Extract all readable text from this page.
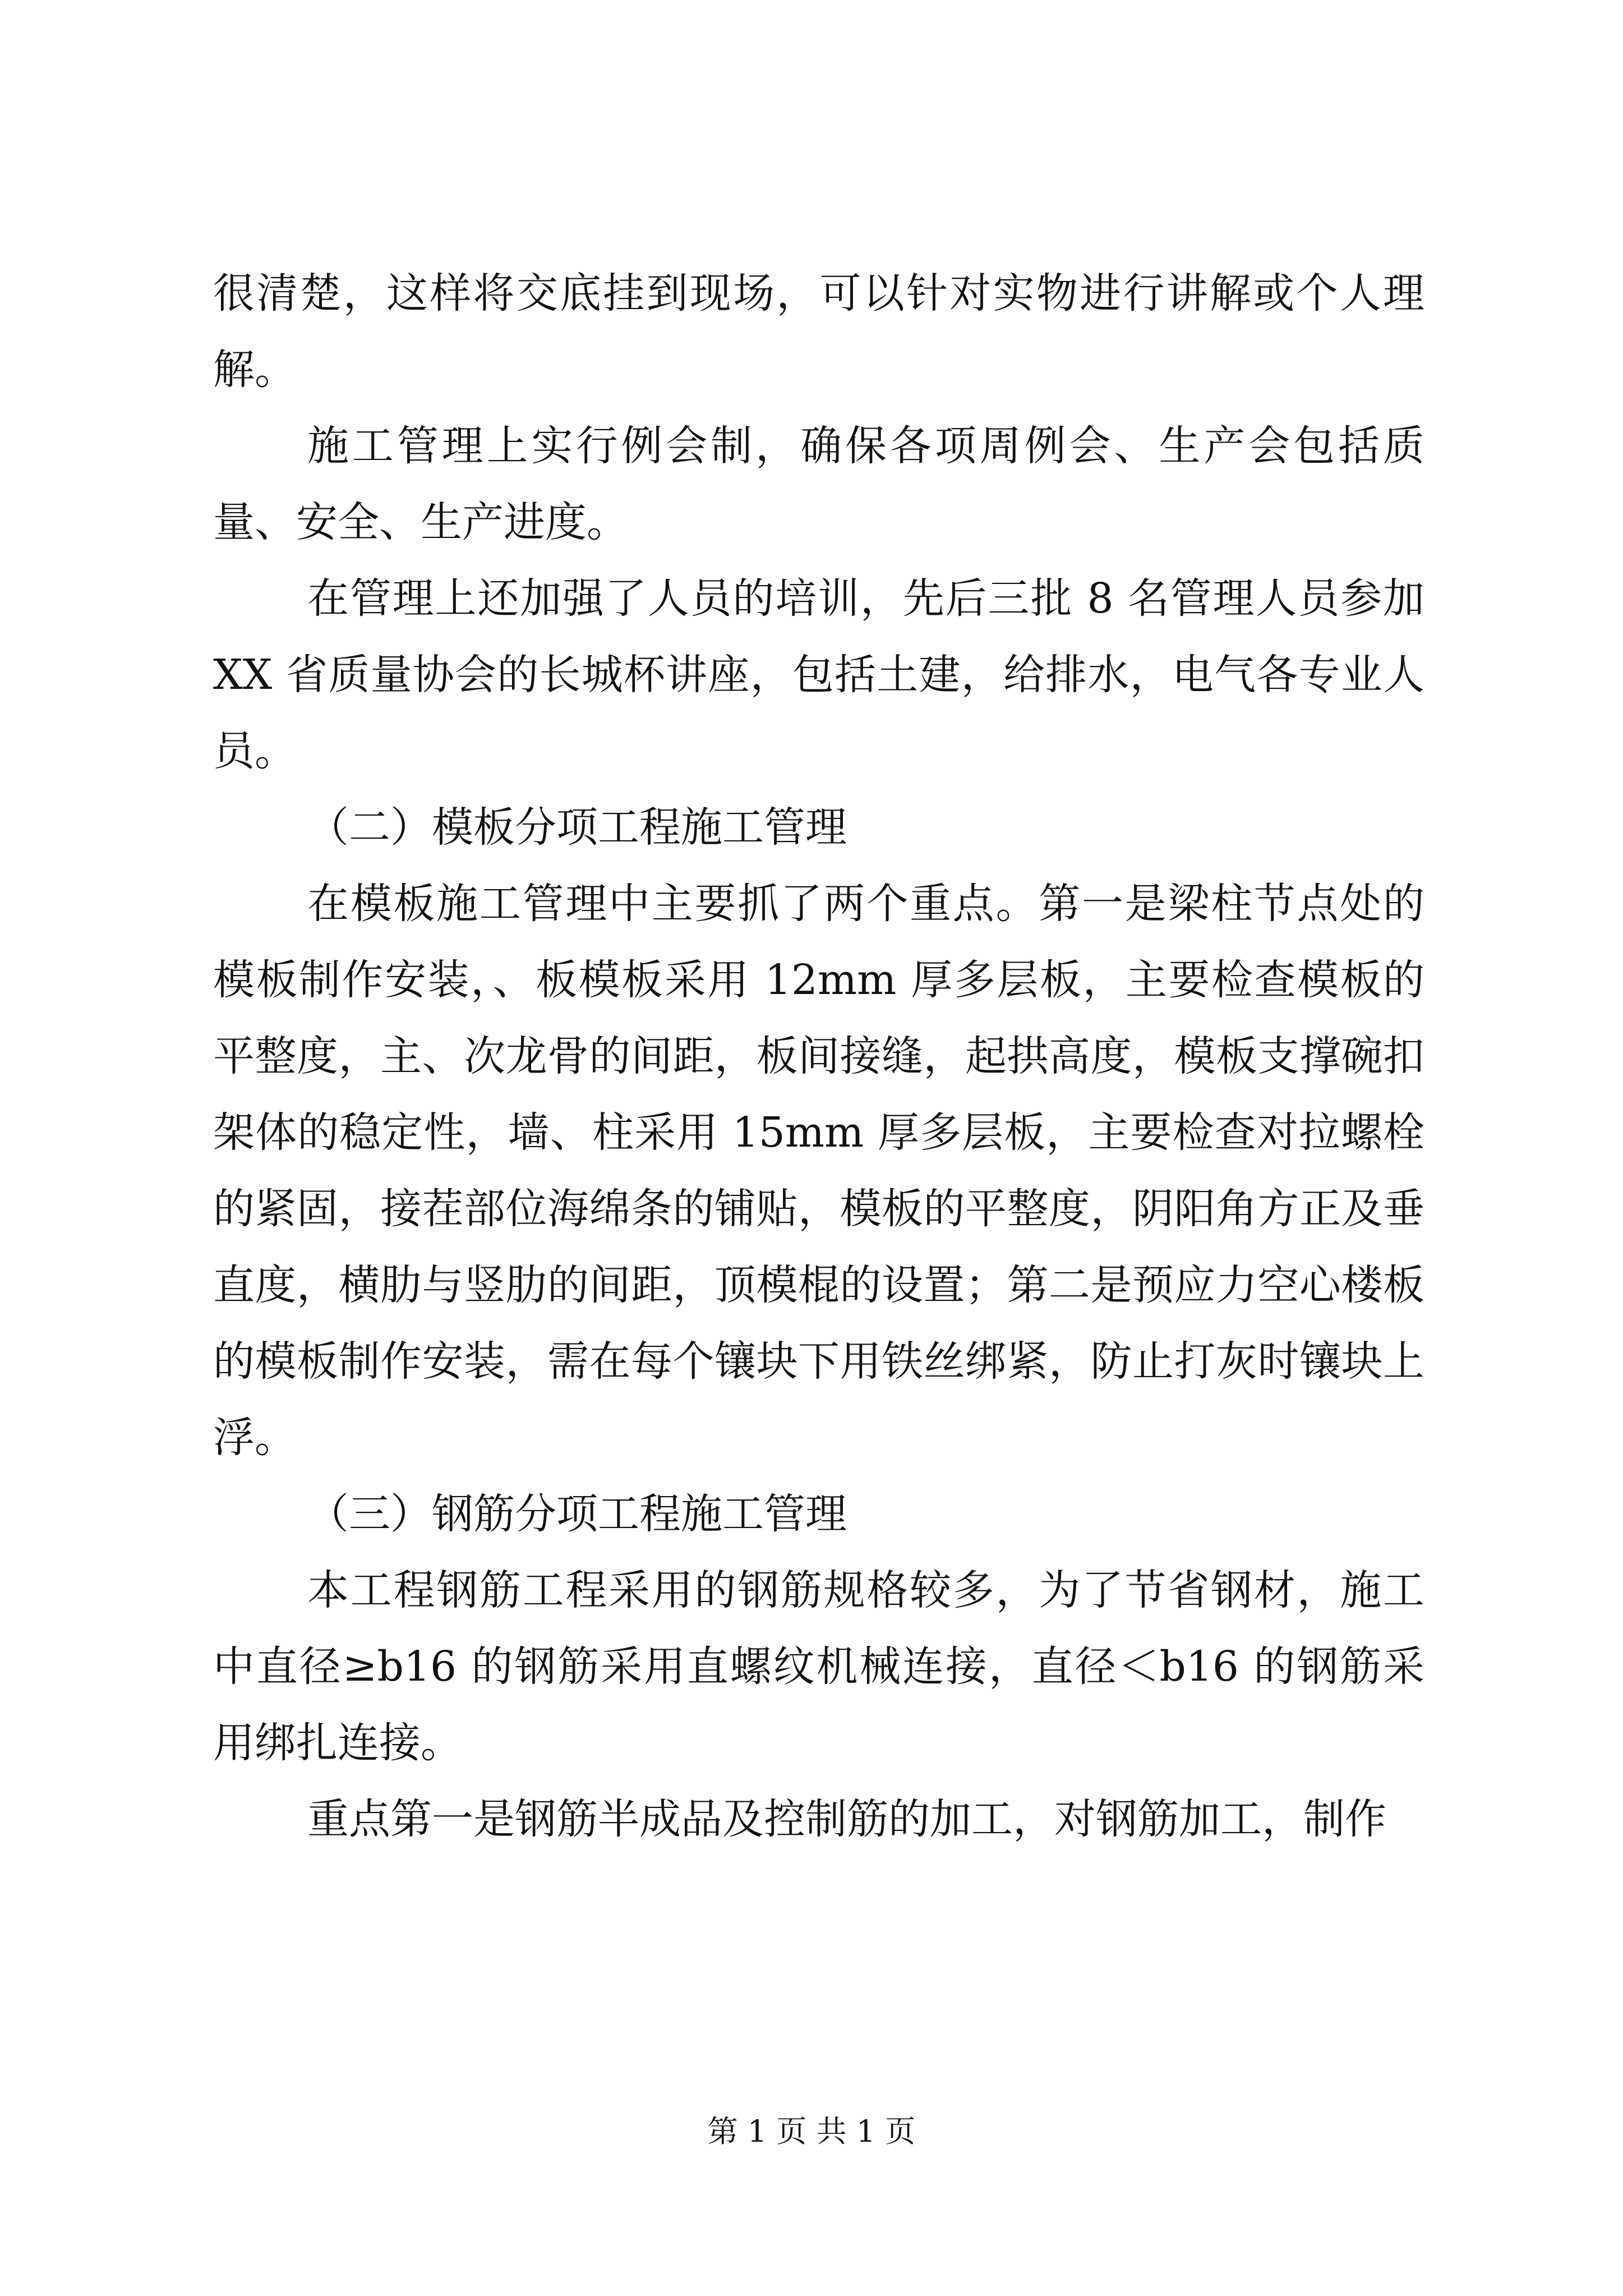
很清楚，这样将交底挂到现场，可以针对实物进行讲解或个人理解。

施工管理上实行例会制，确保各项周例会、生产会包括质量、安全、生产进度。

在管理上还加强了人员的培训，先后三批 8 名管理人员参加 XX 省质量协会的长城杯讲座，包括土建，给排水，电气各专业人员。

（二）模板分项工程施工管理

在模板施工管理中主要抓了两个重点。第一是梁柱节点处的模板制作安装，、板模板采用 12mm 厚多层板，主要检查模板的平整度，主、次龙骨的间距，板间接缝，起拱高度，模板支撑碗扣架体的稳定性，墙、柱采用 15mm 厚多层板，主要检查对拉螺栓的紧固，接茬部位海绵条的铺贴，模板的平整度，阴阳角方正及垂直度，横肋与竖肋的间距，顶模棍的设置；第二是预应力空心楼板的模板制作安装，需在每个镶块下用铁丝绑紧，防止打灰时镶块上浮。

（三）钢筋分项工程施工管理

本工程钢筋工程采用的钢筋规格较多，为了节省钢材，施工中直径≥b16 的钢筋采用直螺纹机械连接，直径＜b16 的钢筋采用绑扎连接。

重点第一是钢筋半成品及控制筋的加工，对钢筋加工，制作

第 1 页 共 1 页
